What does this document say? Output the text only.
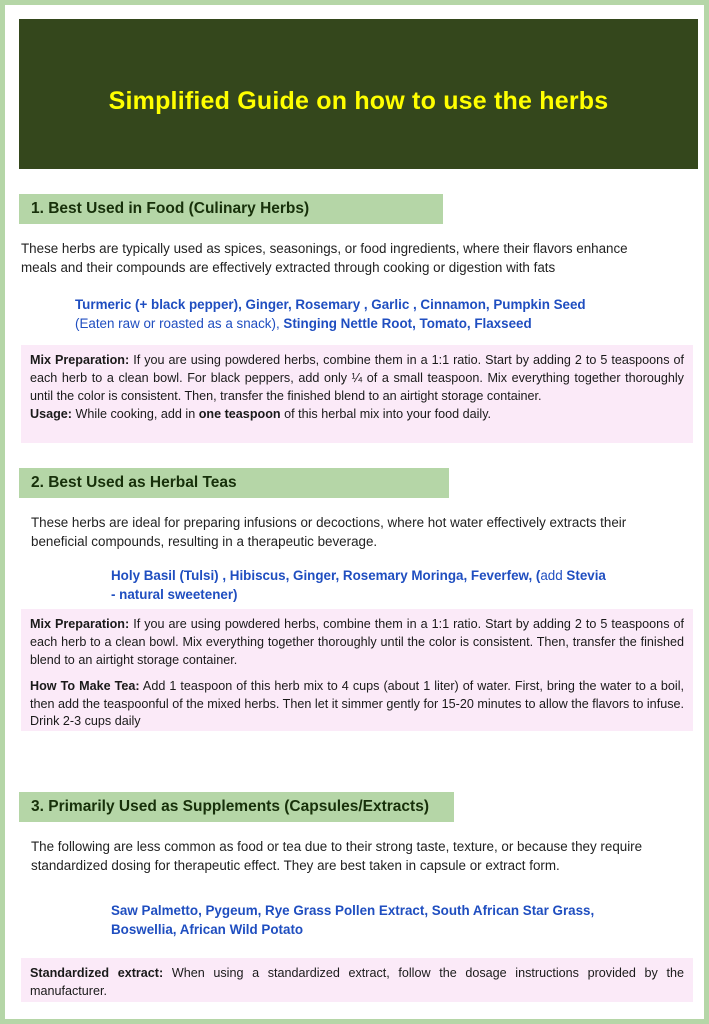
Simplified Guide on how to use the herbs
1. Best Used in Food (Culinary Herbs)
These herbs are typically used as spices, seasonings, or food ingredients, where their flavors enhance meals and their compounds are effectively extracted through cooking or digestion with fats
Turmeric (+ black pepper), Ginger, Rosemary , Garlic , Cinnamon, Pumpkin Seed
(Eaten raw or roasted as a snack), Stinging Nettle Root, Tomato, Flaxseed
Mix Preparation: If you are using powdered herbs, combine them in a 1:1 ratio. Start by adding 2 to 5 teaspoons of each herb to a clean bowl. For black peppers, add only ¼ of a small teaspoon. Mix everything together thoroughly until the color is consistent. Then, transfer the finished blend to an airtight storage container.
Usage: While cooking, add in one teaspoon of this herbal mix into your food daily.
2. Best Used as Herbal Teas
These herbs are ideal for preparing infusions or decoctions, where hot water effectively extracts their beneficial compounds, resulting in a therapeutic beverage.
Holy Basil (Tulsi) , Hibiscus, Ginger, Rosemary Moringa, Feverfew, (add Stevia
- natural sweetener)
Mix Preparation: If you are using powdered herbs, combine them in a 1:1 ratio. Start by adding 2 to 5 teaspoons of each herb to a clean bowl. Mix everything together thoroughly until the color is consistent. Then, transfer the finished blend to an airtight storage container.
How To Make Tea: Add 1 teaspoon of this herb mix to 4 cups (about 1 liter) of water. First, bring the water to a boil, then add the teaspoonful of the mixed herbs. Then let it simmer gently for 15-20 minutes to allow the flavors to infuse. Drink 2-3 cups daily
3. Primarily Used as Supplements (Capsules/Extracts)
The following are less common as food or tea due to their strong taste, texture, or because they require standardized dosing for therapeutic effect. They are best taken in capsule or extract form.
Saw Palmetto, Pygeum, Rye Grass Pollen Extract, South African Star Grass,
Boswellia, African Wild Potato
Standardized extract: When using a standardized extract, follow the dosage instructions provided by the manufacturer.
